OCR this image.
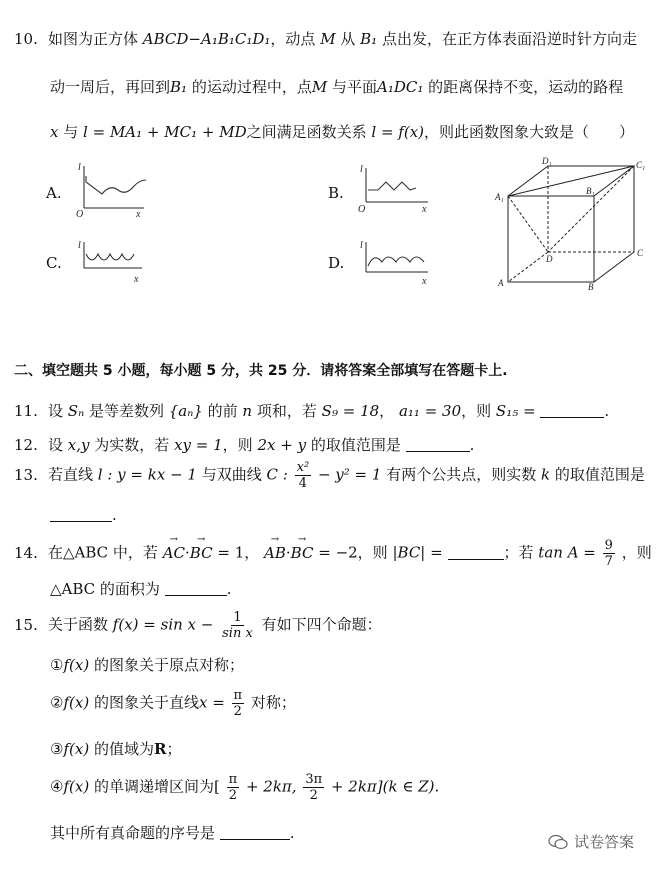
10. 如图为正方体 ABCD−A₁B₁C₁D₁，动点 M 从 B₁ 点出发，在正方体表面沿逆时针方向走
动一周后，再回到B₁ 的运动过程中，点M 与平面A₁DC₁ 的距离保持不变，运动的路程
x 与 l = MA₁ + MC₁ + MD之间满足函数关系 l = f(x)，则此函数图象大致是（　　）
A.	B.
C.	D.
l
O	x
l
O	x
l
x
l
x
D₁	C₁
A₁
B₁
D
C
A	B
二、填空题共 5 小题，每小题 5 分，共 25 分．请将答案全部填写在答题卡上.
11. 设 Sₙ 是等差数列 {aₙ} 的前 n 项和，若 S₉ = 18， a₁₁ = 30，则 S₁₅ =	.
12. 设 x,y 为实数，若 xy = 1，则 2x + y 的取值范围是	.
13. 若直线 l : y = kx − 1 与双曲线 C : $\frac{\text{x²}}{4} - y^2 = 1$ 有两个公共点，则实数 k 的取值范围是
.
14. 在△ABC 中，若 → AC·→ BC = 1， → AB·→ BC = −2，则 |BC| =	；若 $\tan A = \frac{9}{7}$ ，则
△ABC 的面积为	.
15. 关于函数 $f(x) = \sin x - \frac{1}{\text{sin x}}$ 有如下四个命题：
①f(x) 的图象关于原点对称；
②f(x) 的图象关于直线$x = \frac{\pi}{2}$ 对称；
③f(x) 的值域为R；
④f(x) 的单调递增区间为[ $\frac{\pi}{2} + 2k\pi$, $\frac{3\pi}{2} + 2k\pi](k$ ∈ Z).
其中所有真命题的序号是	.	试卷答案
